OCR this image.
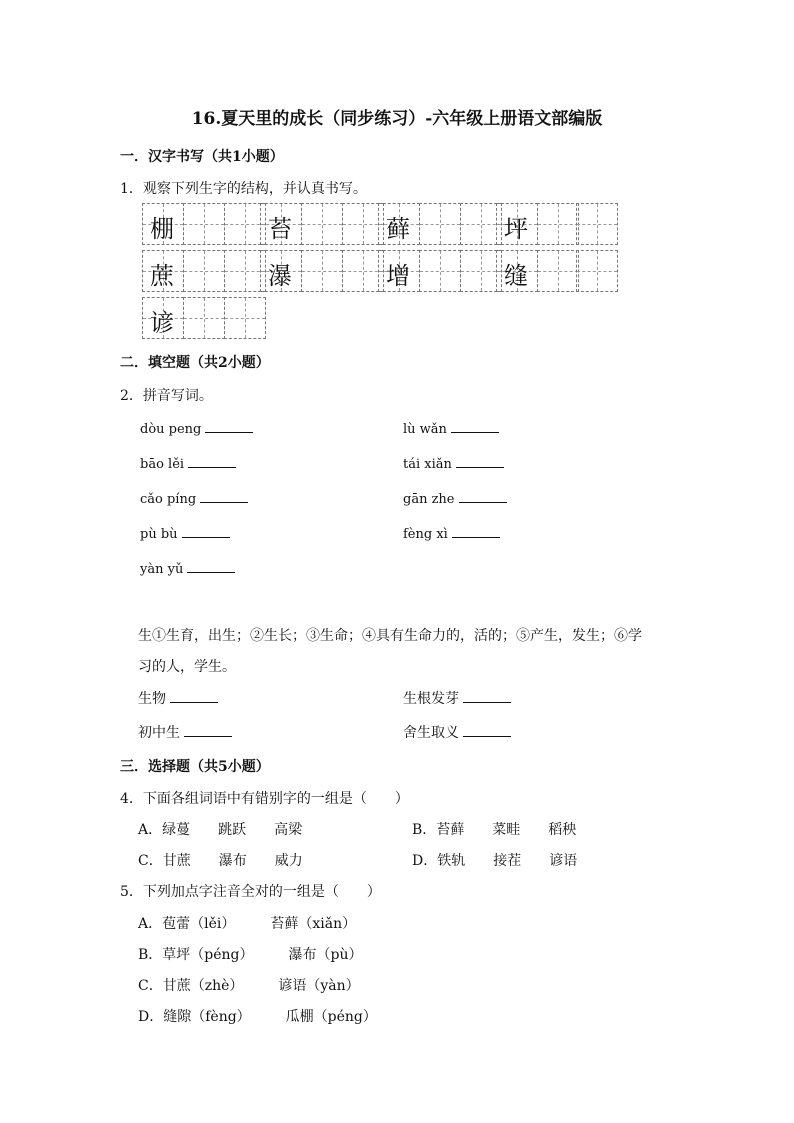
16.夏天里的成长（同步练习）-六年级上册语文部编版
一．汉字书写（共1小题）
1．观察下列生字的结构，并认真书写。
棚	苔	藓	坪
蔗	瀑	增	缝
谚
二．填空题（共2小题）
2．拼音写词。
dòu peng	lù wǎn
bāo lěi	tái xiǎn
cǎo píng	gān zhe
pù bù	fèng xì
yàn yǔ
生①生育，出生；②生长；③生命；④具有生命力的，活的；⑤产生，发生；⑥学
习的人，学生。
生物	生根发芽
初中生	舍生取义
三．选择题（共5小题）
4．下面各组词语中有错别字的一组是（　　）
A．绿蔓　　跳跃　　高梁	B．苔藓　　菜畦　　稻秧
C．甘蔗　　瀑布　　威力	D．铁轨　　接茬　　谚语
5．下列加点字注音全对的一组是（　　）
A．苞蕾（lěi）　　　苔藓（xiǎn）
B．草坪（péng）　　　瀑布（pù）
C．甘蔗（zhè）　　　谚语（yàn）
D．缝隙（fèng）　　　瓜棚（péng）
